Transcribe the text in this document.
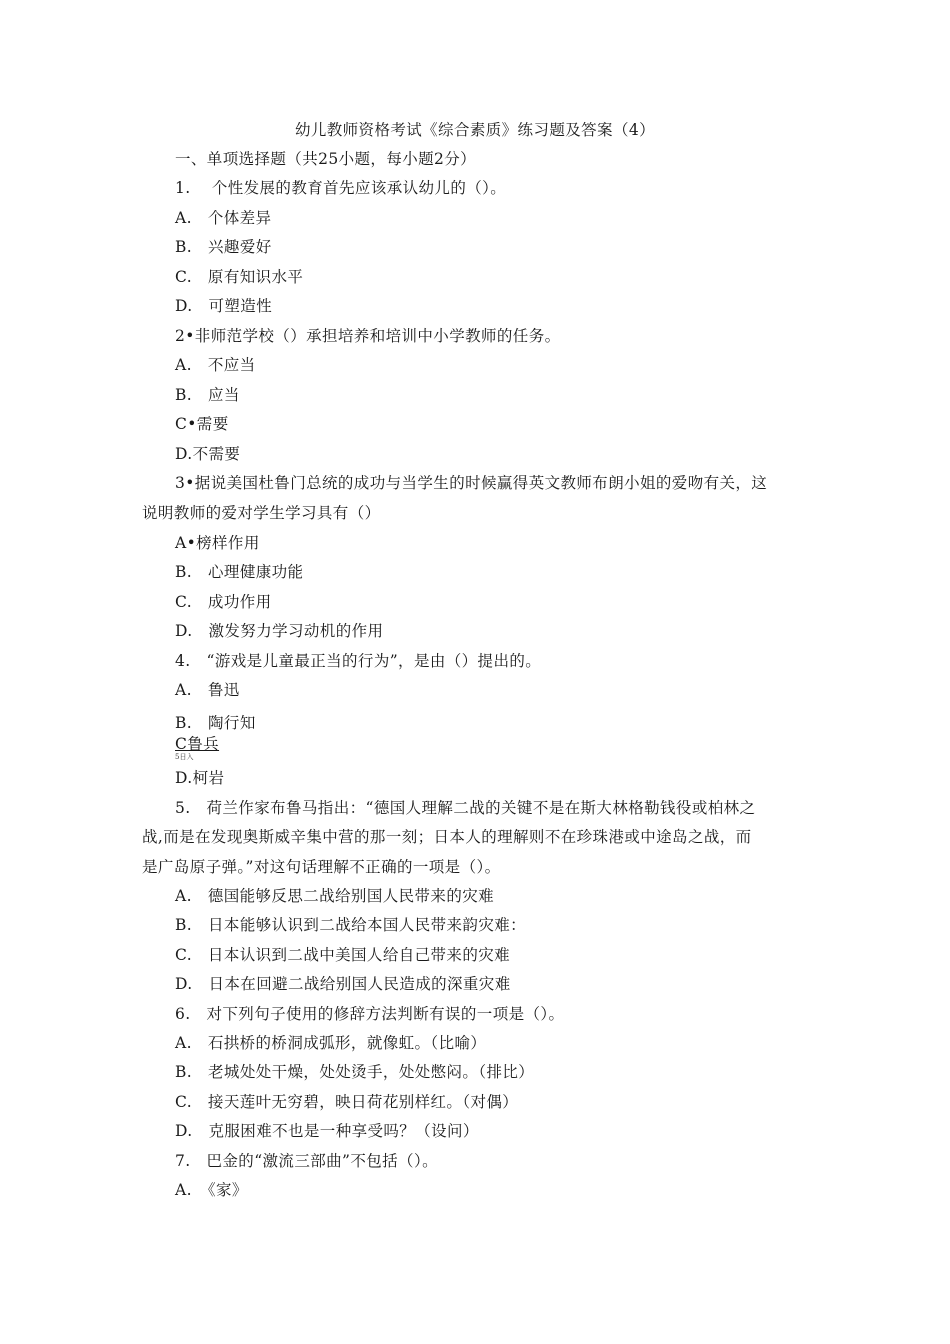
幼儿教师资格考试《综合素质》练习题及答案（4）
一、单项选择题（共25小题，每小题2分）
1.　 个性发展的教育首先应该承认幼儿的（）。
A.　个体差异
B.　兴趣爱好
C.　原有知识水平
D.　可塑造性
2•非师范学校（）承担培养和培训中小学教师的任务。
A.　不应当
B.　应当
C•需要
D.不需要
3•据说美国杜鲁门总统的成功与当学生的时候赢得英文教师布朗小姐的爱吻有关，这
说明教师的爱对学生学习具有（）
A•榜样作用
B.　心理健康功能
C.　成功作用
D.　激发努力学习动机的作用
4.　“游戏是儿童最正当的行为”，是由（）提出的。
A.　鲁迅
B.　陶行知
C鲁兵
5日入
D.柯岩
5.　荷兰作家布鲁马指出：“德国人理解二战的关键不是在斯大林格勒钱役或柏林之
战,而是在发现奥斯威辛集中营的那一刻；日本人的理解则不在珍珠港或中途岛之战，而
是广岛原子弹。”对这句话理解不正确的一项是（）。
A.　德国能够反思二战给别国人民带来的灾难
B.　日本能够认识到二战给本国人民带来韵灾难：
C.　日本认识到二战中美国人给自己带来的灾难
D.　日本在回避二战给别国人民造成的深重灾难
6.　对下列句子使用的修辞方法判断有误的一项是（）。
A.　石拱桥的桥洞成弧形，就像虹。（比喻）
B.　老城处处干燥，处处烫手，处处憋闷。（排比）
C.　接天莲叶无穷碧，映日荷花别样红。（对偶）
D.　克服困难不也是一种享受吗？（设问）
7.　巴金的“激流三部曲”不包括（）。
A.　《家》
